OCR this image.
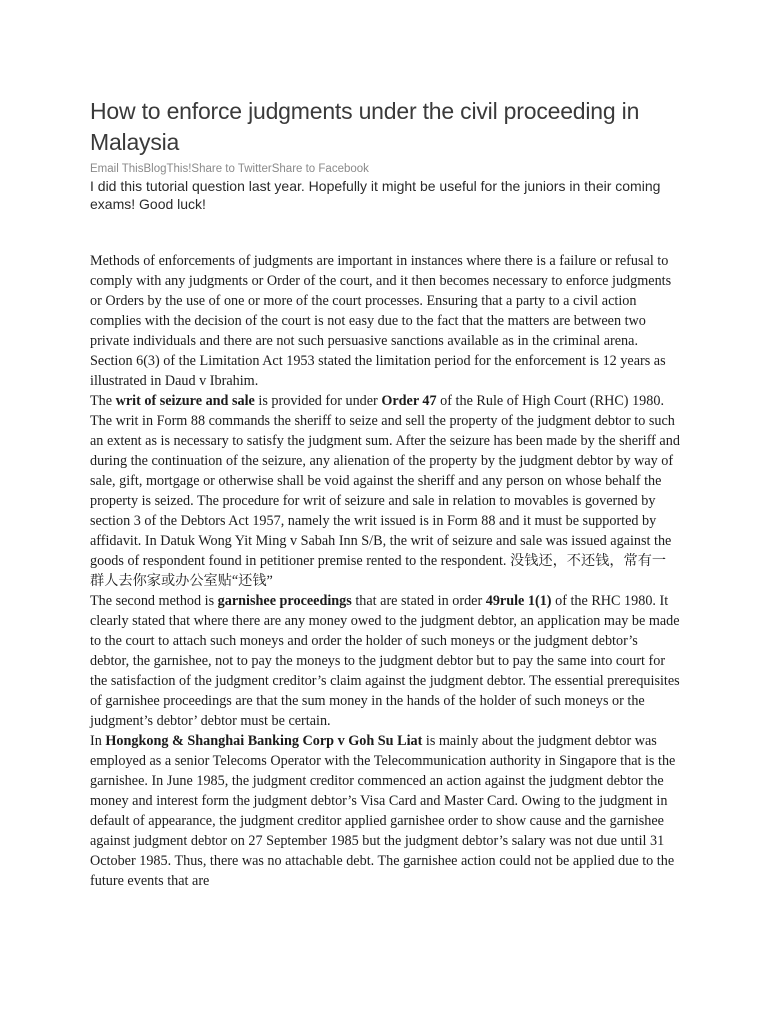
How to enforce judgments under the civil proceeding in Malaysia
Email ThisBlogThis!Share to TwitterShare to Facebook
I did this tutorial question last year. Hopefully it might be useful for the juniors in their coming exams! Good luck!

Methods of enforcements of judgments are important in instances where there is a failure or refusal to comply with any judgments or Order of the court, and it then becomes necessary to enforce judgments or Orders by the use of one or more of the court processes. Ensuring that a party to a civil action complies with the decision of the court is not easy due to the fact that the matters are between two private individuals and there are not such persuasive sanctions available as in the criminal arena. Section 6(3) of the Limitation Act 1953 stated the limitation period for the enforcement is 12 years as illustrated in Daud v Ibrahim.

The writ of seizure and sale is provided for under Order 47 of the Rule of High Court (RHC) 1980. The writ in Form 88 commands the sheriff to seize and sell the property of the judgment debtor to such an extent as is necessary to satisfy the judgment sum. After the seizure has been made by the sheriff and during the continuation of the seizure, any alienation of the property by the judgment debtor by way of sale, gift, mortgage or otherwise shall be void against the sheriff and any person on whose behalf the property is seized. The procedure for writ of seizure and sale in relation to movables is governed by section 3 of the Debtors Act 1957, namely the writ issued is in Form 88 and it must be supported by affidavit. In Datuk Wong Yit Ming v Sabah Inn S/B, the writ of seizure and sale was issued against the goods of respondent found in petitioner premise rented to the respondent. 没钱还，不还钱，常有一群人去你家或办公室贴“还钱”

The second method is garnishee proceedings that are stated in order 49rule 1(1) of the RHC 1980. It clearly stated that where there are any money owed to the judgment debtor, an application may be made to the court to attach such moneys and order the holder of such moneys or the judgment debtor’s debtor, the garnishee, not to pay the moneys to the judgment debtor but to pay the same into court for the satisfaction of the judgment creditor’s claim against the judgment debtor. The essential prerequisites of garnishee proceedings are that the sum money in the hands of the holder of such moneys or the judgment’s debtor’ debtor must be certain.

In Hongkong & Shanghai Banking Corp v Goh Su Liat is mainly about the judgment debtor was employed as a senior Telecoms Operator with the Telecommunication authority in Singapore that is the garnishee. In June 1985, the judgment creditor commenced an action against the judgment debtor the money and interest form the judgment debtor’s Visa Card and Master Card. Owing to the judgment in default of appearance, the judgment creditor applied garnishee order to show cause and the garnishee against judgment debtor on 27 September 1985 but the judgment debtor’s salary was not due until 31 October 1985. Thus, there was no attachable debt. The garnishee action could not be applied due to the future events that are
